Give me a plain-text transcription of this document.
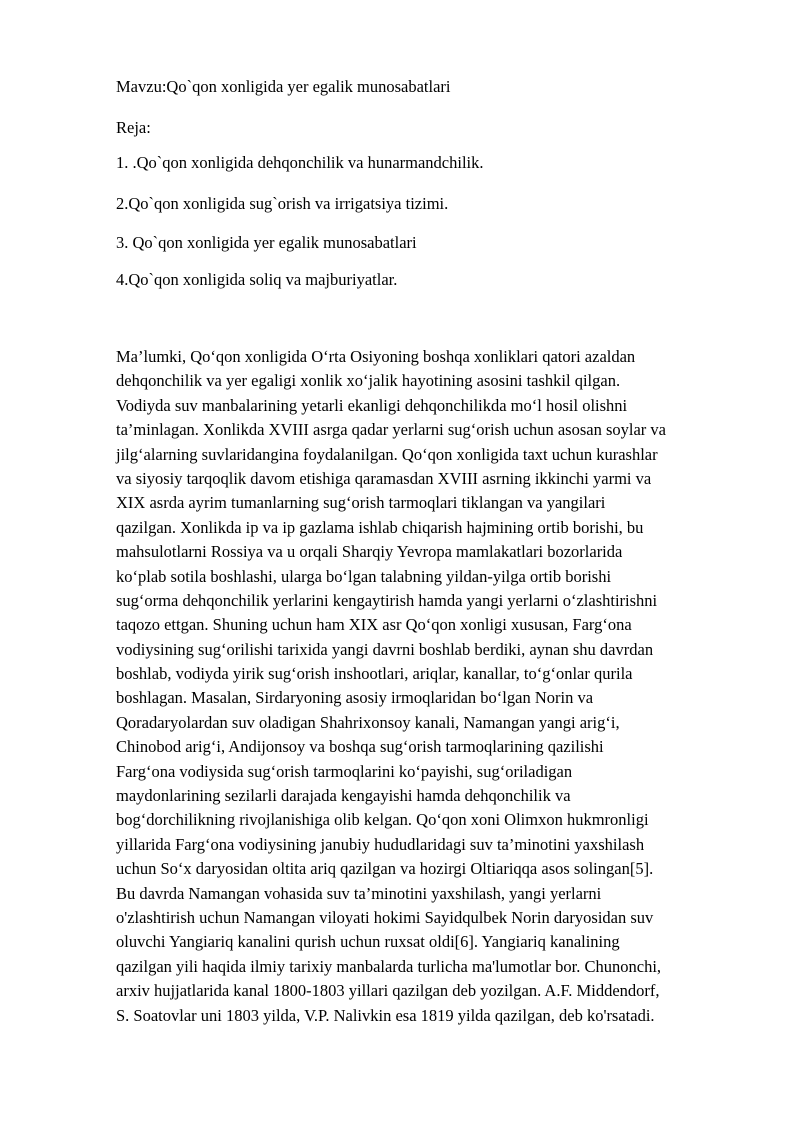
Mavzu:Qo`qon xonligida yer egalik munosabatlari
Reja:
1. .Qo`qon xonligida dehqonchilik va hunarmandchilik.
2.Qo`qon xonligida sug`orish va irrigatsiya tizimi.
3. Qo`qon xonligida yer egalik munosabatlari
4.Qo`qon xonligida soliq va majburiyatlar.
Ma’lumki, Qo‘qon xonligida O‘rta Osiyoning boshqa xonliklari qatori azaldan
dehqonchilik va yer egaligi xonlik xo‘jalik hayotining asosini tashkil qilgan.
Vodiyda suv manbalarining yetarli ekanligi dehqonchilikda mo‘l hosil olishni
ta’minlagan. Xonlikda XVIII asrga qadar yerlarni sug‘orish uchun asosan soylar va
jilg‘alarning suvlaridangina foydalanilgan. Qo‘qon xonligida taxt uchun kurashlar
va siyosiy tarqoqlik davom etishiga qaramasdan XVIII asrning ikkinchi yarmi va
XIX asrda ayrim tumanlarning sug‘orish tarmoqlari tiklangan va yangilari
qazilgan. Xonlikda ip va ip gazlama ishlab chiqarish hajmining ortib borishi, bu
mahsulotlarni Rossiya va u orqali Sharqiy Yevropa mamlakatlari bozorlarida
ko‘plab sotila boshlashi, ularga bo‘lgan talabning yildan-yilga ortib borishi
sug‘orma dehqonchilik yerlarini kengaytirish hamda yangi yerlarni o‘zlashtirishni
taqozo ettgan. Shuning uchun ham XIX asr Qo‘qon xonligi xususan, Farg‘ona
vodiysining sug‘orilishi tarixida yangi davrni boshlab berdiki, aynan shu davrdan
boshlab, vodiyda yirik sug‘orish inshootlari, ariqlar, kanallar, to‘g‘onlar qurila
boshlagan. Masalan, Sirdaryoning asosiy irmoqlaridan bo‘lgan Norin va
Qoradaryolardan suv oladigan Shahrixonsoy kanali, Namangan yangi arig‘i,
Chinobod arig‘i, Andijonsoy va boshqa sug‘orish tarmoqlarining qazilishi
Farg‘ona vodiysida sug‘orish tarmoqlarini ko‘payishi, sug‘oriladigan
maydonlarining sezilarli darajada kengayishi hamda dehqonchilik va
bog‘dorchilikning rivojlanishiga olib kelgan. Qo‘qon xoni Olimxon hukmronligi
yillarida Farg‘ona vodiysining janubiy hududlaridagi suv ta’minotini yaxshilash
uchun So‘x daryosidan oltita ariq qazilgan va hozirgi Oltiariqqa asos solingan[5].
Bu davrda Namangan vohasida suv ta’minotini yaxshilash, yangi yerlarni
o'zlashtirish uchun Namangan viloyati hokimi Sayidqulbek Norin daryosidan suv
oluvchi Yangiariq kanalini qurish uchun ruxsat oldi[6]. Yangiariq kanalining
qazilgan yili haqida ilmiy tarixiy manbalarda turlicha ma'lumotlar bor. Chunonchi,
arxiv hujjatlarida kanal 1800-1803 yillari qazilgan deb yozilgan. A.F. Middendorf,
S. Soatovlar uni 1803 yilda, V.P. Nalivkin esa 1819 yilda qazilgan, deb ko'rsatadi.
